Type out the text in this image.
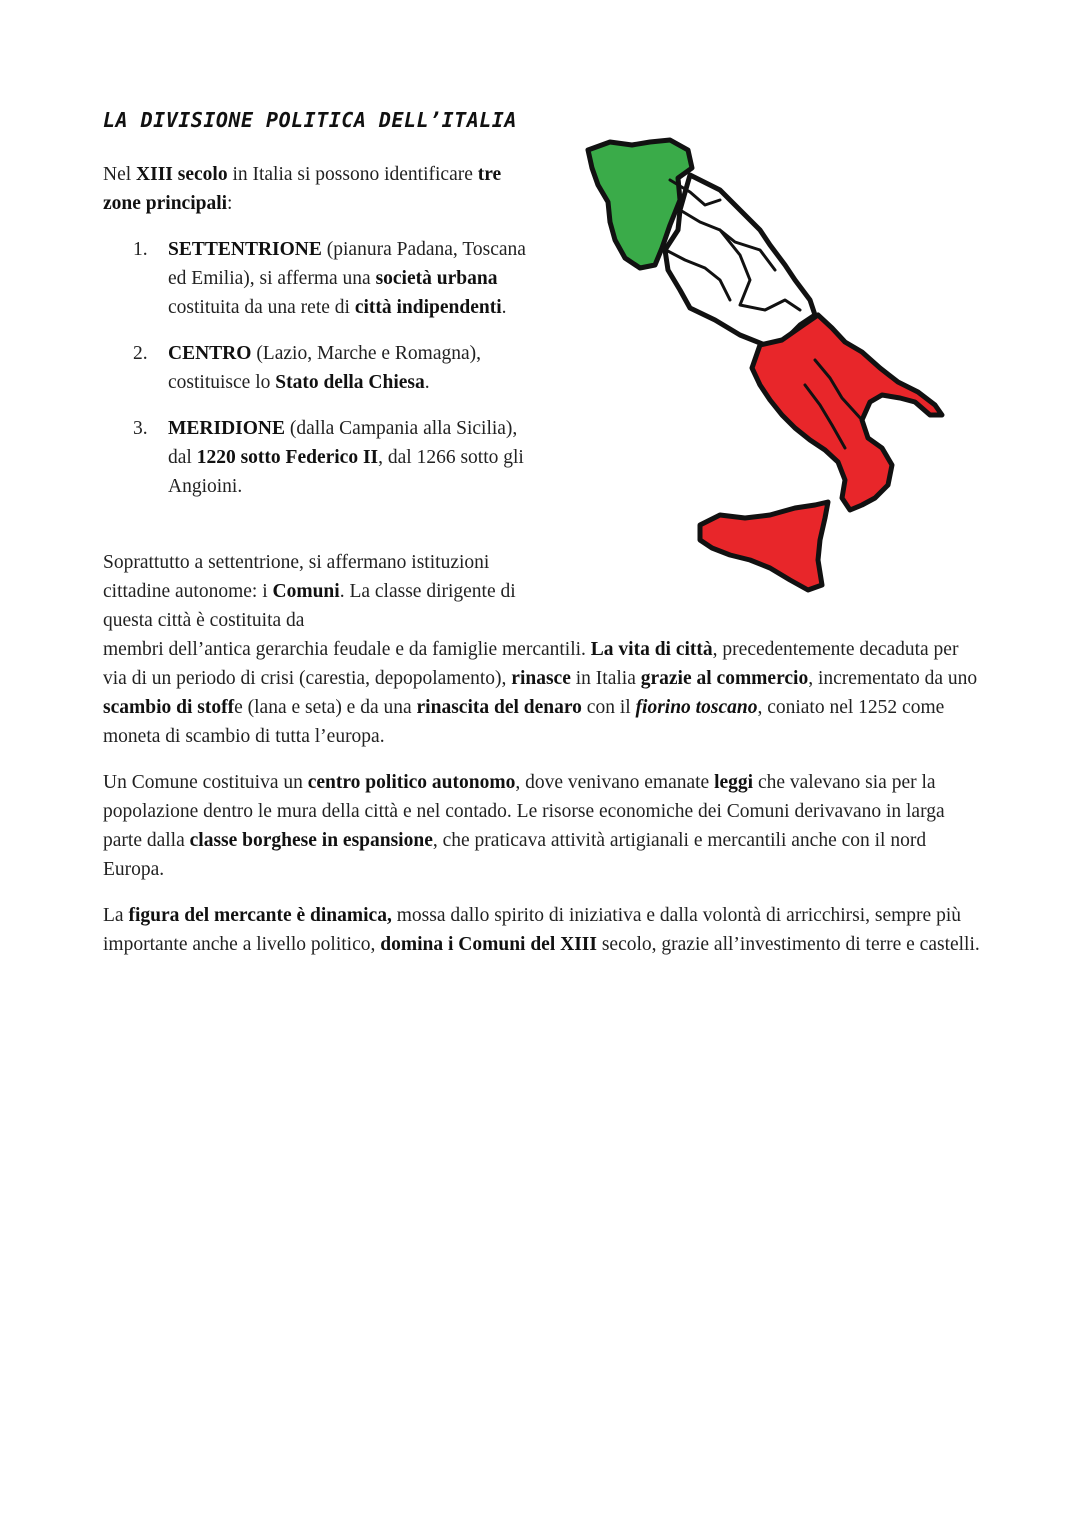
LA DIVISIONE POLITICA DELL’ITALIA

Nel XIII secolo in Italia si possono identificare tre zone principali:

1. SETTENTRIONE (pianura Padana, Toscana ed Emilia), si afferma una società urbana costituita da una rete di città indipendenti.
2. CENTRO (Lazio, Marche e Romagna), costituisce lo Stato della Chiesa.
3. MERIDIONE (dalla Campania alla Sicilia), dal 1220 sotto Federico II, dal 1266 sotto gli Angioini.

Soprattutto a settentrione, si affermano istituzioni cittadine autonome: i Comuni. La classe dirigente di questa città è costituita da
membri dell’antica gerarchia feudale e da famiglie mercantili. La vita di città, precedentemente decaduta per via di un periodo di crisi (carestia, depopolamento), rinasce in Italia grazie al commercio, incrementato da uno scambio di stoffe (lana e seta) e da una rinascita del denaro con il fiorino toscano, coniato nel 1252 come moneta di scambio di tutta l’europa.

Un Comune costituiva un centro politico autonomo, dove venivano emanate leggi che valevano sia per la popolazione dentro le mura della città e nel contado. Le risorse economiche dei Comuni derivavano in larga parte dalla classe borghese in espansione, che praticava attività artigianali e mercantili anche con il nord Europa.

La figura del mercante è dinamica, mossa dallo spirito di iniziativa e dalla volontà di arricchirsi, sempre più importante anche a livello politico, domina i Comuni del XIII secolo, grazie all’investimento di terre e castelli.
